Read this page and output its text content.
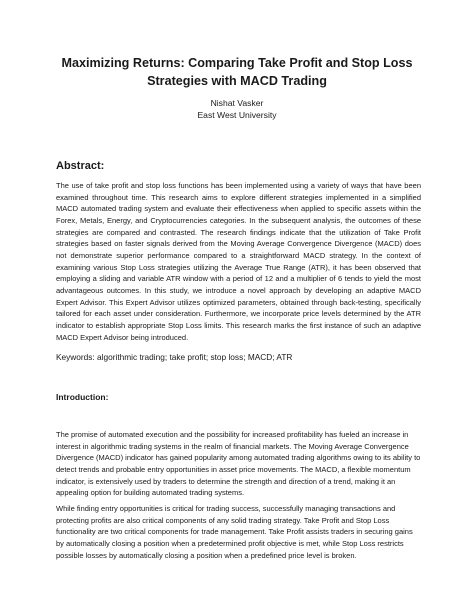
Maximizing Returns: Comparing Take Profit and Stop Loss Strategies with MACD Trading
Nishat Vasker
East West University
Abstract:

The use of take profit and stop loss functions has been implemented using a variety of ways that have been examined throughout time. This research aims to explore different strategies implemented in a simplified MACD automated trading system and evaluate their effectiveness when applied to specific assets within the Forex, Metals, Energy, and Cryptocurrencies categories. In the subsequent analysis, the outcomes of these strategies are compared and contrasted. The research findings indicate that the utilization of Take Profit strategies based on faster signals derived from the Moving Average Convergence Divergence (MACD) does not demonstrate superior performance compared to a straightforward MACD strategy. In the context of examining various Stop Loss strategies utilizing the Average True Range (ATR), it has been observed that employing a sliding and variable ATR window with a period of 12 and a multiplier of 6 tends to yield the most advantageous outcomes. In this study, we introduce a novel approach by developing an adaptive MACD Expert Advisor. This Expert Advisor utilizes optimized parameters, obtained through back-testing, specifically tailored for each asset under consideration. Furthermore, we incorporate price levels determined by the ATR indicator to establish appropriate Stop Loss limits. This research marks the first instance of such an adaptive MACD Expert Advisor being introduced.

Keywords: algorithmic trading; take profit; stop loss; MACD; ATR
Introduction:

The promise of automated execution and the possibility for increased profitability has fueled an increase in interest in algorithmic trading systems in the realm of financial markets. The Moving Average Convergence Divergence (MACD) indicator has gained popularity among automated trading algorithms owing to its ability to detect trends and probable entry opportunities in asset price movements. The MACD, a flexible momentum indicator, is extensively used by traders to determine the strength and direction of a trend, making it an appealing option for building automated trading systems.

While finding entry opportunities is critical for trading success, successfully managing transactions and protecting profits are also critical components of any solid trading strategy. Take Profit and Stop Loss functionality are two critical components for trade management. Take Profit assists traders in securing gains by automatically closing a position when a predetermined profit objective is met, while Stop Loss restricts possible losses by automatically closing a position when a predefined price level is broken.
